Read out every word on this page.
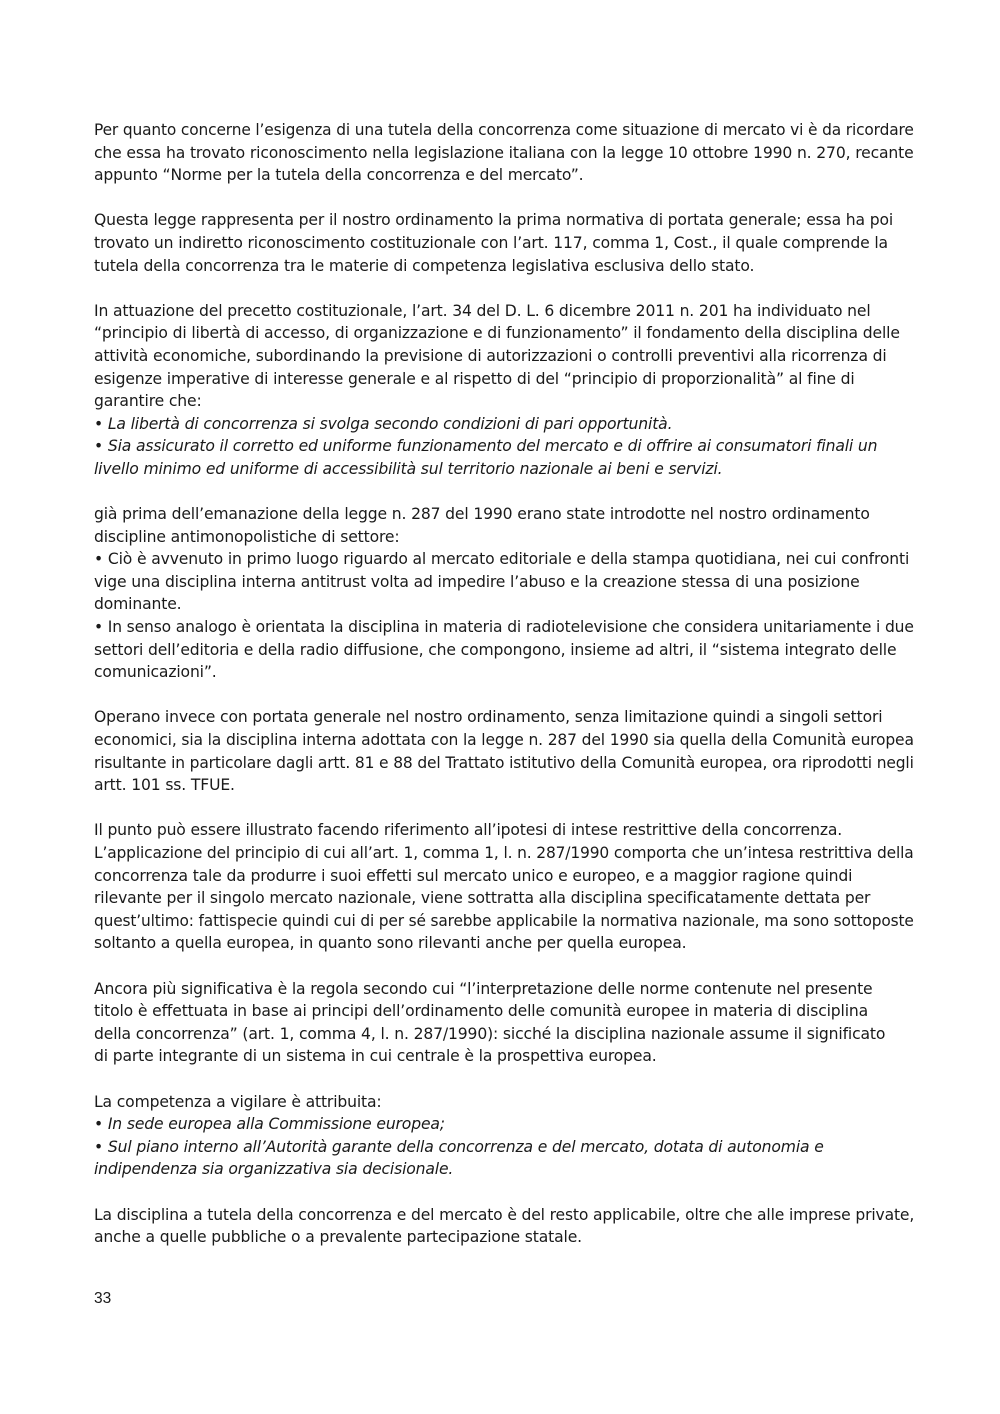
Per quanto concerne l’esigenza di una tutela della concorrenza come situazione di mercato vi è da ricordare
che essa ha trovato riconoscimento nella legislazione italiana con la legge 10 ottobre 1990 n. 270, recante
appunto “Norme per la tutela della concorrenza e del mercato”.

Questa legge rappresenta per il nostro ordinamento la prima normativa di portata generale; essa ha poi
trovato un indiretto riconoscimento costituzionale con l’art. 117, comma 1, Cost., il quale comprende la
tutela della concorrenza tra le materie di competenza legislativa esclusiva dello stato.

In attuazione del precetto costituzionale, l’art. 34 del D. L. 6 dicembre 2011 n. 201 ha individuato nel
“principio di libertà di accesso, di organizzazione e di funzionamento” il fondamento della disciplina delle
attività economiche, subordinando la previsione di autorizzazioni o controlli preventivi alla ricorrenza di
esigenze imperative di interesse generale e al rispetto di del “principio di proporzionalità” al fine di
garantire che:
• La libertà di concorrenza si svolga secondo condizioni di pari opportunità.
• Sia assicurato il corretto ed uniforme funzionamento del mercato e di offrire ai consumatori finali un
livello minimo ed uniforme di accessibilità sul territorio nazionale ai beni e servizi.

già prima dell’emanazione della legge n. 287 del 1990 erano state introdotte nel nostro ordinamento
discipline antimonopolistiche di settore:
• Ciò è avvenuto in primo luogo riguardo al mercato editoriale e della stampa quotidiana, nei cui confronti
vige una disciplina interna antitrust volta ad impedire l’abuso e la creazione stessa di una posizione
dominante.
• In senso analogo è orientata la disciplina in materia di radiotelevisione che considera unitariamente i due
settori dell’editoria e della radio diffusione, che compongono, insieme ad altri, il “sistema integrato delle
comunicazioni”.

Operano invece con portata generale nel nostro ordinamento, senza limitazione quindi a singoli settori
economici, sia la disciplina interna adottata con la legge n. 287 del 1990 sia quella della Comunità europea
risultante in particolare dagli artt. 81 e 88 del Trattato istitutivo della Comunità europea, ora riprodotti negli
artt. 101 ss. TFUE.

Il punto può essere illustrato facendo riferimento all’ipotesi di intese restrittive della concorrenza.
L’applicazione del principio di cui all’art. 1, comma 1, l. n. 287/1990 comporta che un’intesa restrittiva della
concorrenza tale da produrre i suoi effetti sul mercato unico e europeo, e a maggior ragione quindi
rilevante per il singolo mercato nazionale, viene sottratta alla disciplina specificatamente dettata per
quest’ultimo: fattispecie quindi cui di per sé sarebbe applicabile la normativa nazionale, ma sono sottoposte
soltanto a quella europea, in quanto sono rilevanti anche per quella europea.

Ancora più significativa è la regola secondo cui “l’interpretazione delle norme contenute nel presente
titolo è effettuata in base ai principi dell’ordinamento delle comunità europee in materia di disciplina
della concorrenza” (art. 1, comma 4, l. n. 287/1990): sicché la disciplina nazionale assume il significato
di parte integrante di un sistema in cui centrale è la prospettiva europea.

La competenza a vigilare è attribuita:
• In sede europea alla Commissione europea;
• Sul piano interno all’Autorità garante della concorrenza e del mercato, dotata di autonomia e
indipendenza sia organizzativa sia decisionale.

La disciplina a tutela della concorrenza e del mercato è del resto applicabile, oltre che alle imprese private,
anche a quelle pubbliche o a prevalente partecipazione statale.

33
